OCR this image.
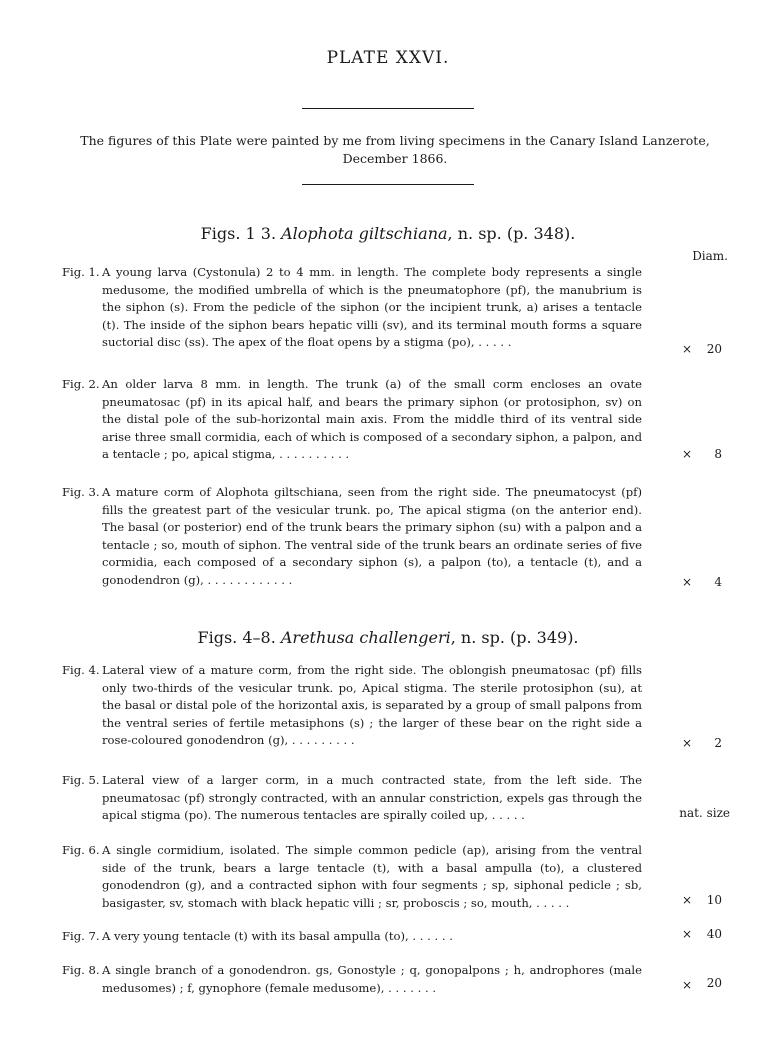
PLATE XXVI.
The figures of this Plate were painted by me from living specimens in the Canary Island Lanzerote, December 1866.
Figs. 1 3. Alophota giltschiana, n. sp. (p. 348).
Diam.
Fig. 1. A young larva (Cystonula) 2 to 4 mm. in length. The complete body represents a single medusome, the modified umbrella of which is the pneumatophore (pf), the manubrium is the siphon (s). From the pedicle of the siphon (or the incipient trunk, a) arises a tentacle (t). The inside of the siphon bears hepatic villi (sv), and its terminal mouth forms a square suctorial disc (ss). The apex of the float opens by a stigma (po), . . . . .	×	20
Fig. 2. An older larva 8 mm. in length. The trunk (a) of the small corm encloses an ovate pneumatosac (pf) in its apical half, and bears the primary siphon (or protosiphon, sv) on the distal pole of the sub-horizontal main axis. From the middle third of its ventral side arise three small cormidia, each of which is composed of a secondary siphon, a palpon, and a tentacle ; po, apical stigma, . . . . . . . . . .	×	8
Fig. 3. A mature corm of Alophota giltschiana, seen from the right side. The pneumatocyst (pf) fills the greatest part of the vesicular trunk. po, The apical stigma (on the anterior end). The basal (or posterior) end of the trunk bears the primary siphon (su) with a palpon and a tentacle ; so, mouth of siphon. The ventral side of the trunk bears an ordinate series of five cormidia, each composed of a secondary siphon (s), a palpon (to), a tentacle (t), and a gonodendron (g), . . . . . . . . . . . .	×	4
Figs. 4–8. Arethusa challengeri, n. sp. (p. 349).
Fig. 4. Lateral view of a mature corm, from the right side. The oblongish pneumatosac (pf) fills only two-thirds of the vesicular trunk. po, Apical stigma. The sterile protosiphon (su), at the basal or distal pole of the horizontal axis, is separated by a group of small palpons from the ventral series of fertile metasiphons (s) ; the larger of these bear on the right side a rose-coloured gonodendron (g), . . . . . . . . .	×	2
Fig. 5. Lateral view of a larger corm, in a much contracted state, from the left side. The pneumatosac (pf) strongly contracted, with an annular constriction, expels gas through the apical stigma (po). The numerous tentacles are spirally coiled up, . . . . .	nat. size
Fig. 6. A single cormidium, isolated. The simple common pedicle (ap), arising from the ventral side of the trunk, bears a large tentacle (t), with a basal ampulla (to), a clustered gonodendron (g), and a contracted siphon with four segments ; sp, siphonal pedicle ; sb, basigaster, sv, stomach with black hepatic villi ; sr, proboscis ; so, mouth, . . . . .	×	10
Fig. 7. A very young tentacle (t) with its basal ampulla (to), . . . . . .	×	40
Fig. 8. A single branch of a gonodendron. gs, Gonostyle ; q, gonopalpons ; h, androphores (male medusomes) ; f, gynophore (female medusome), . . . . . . .	×	20
